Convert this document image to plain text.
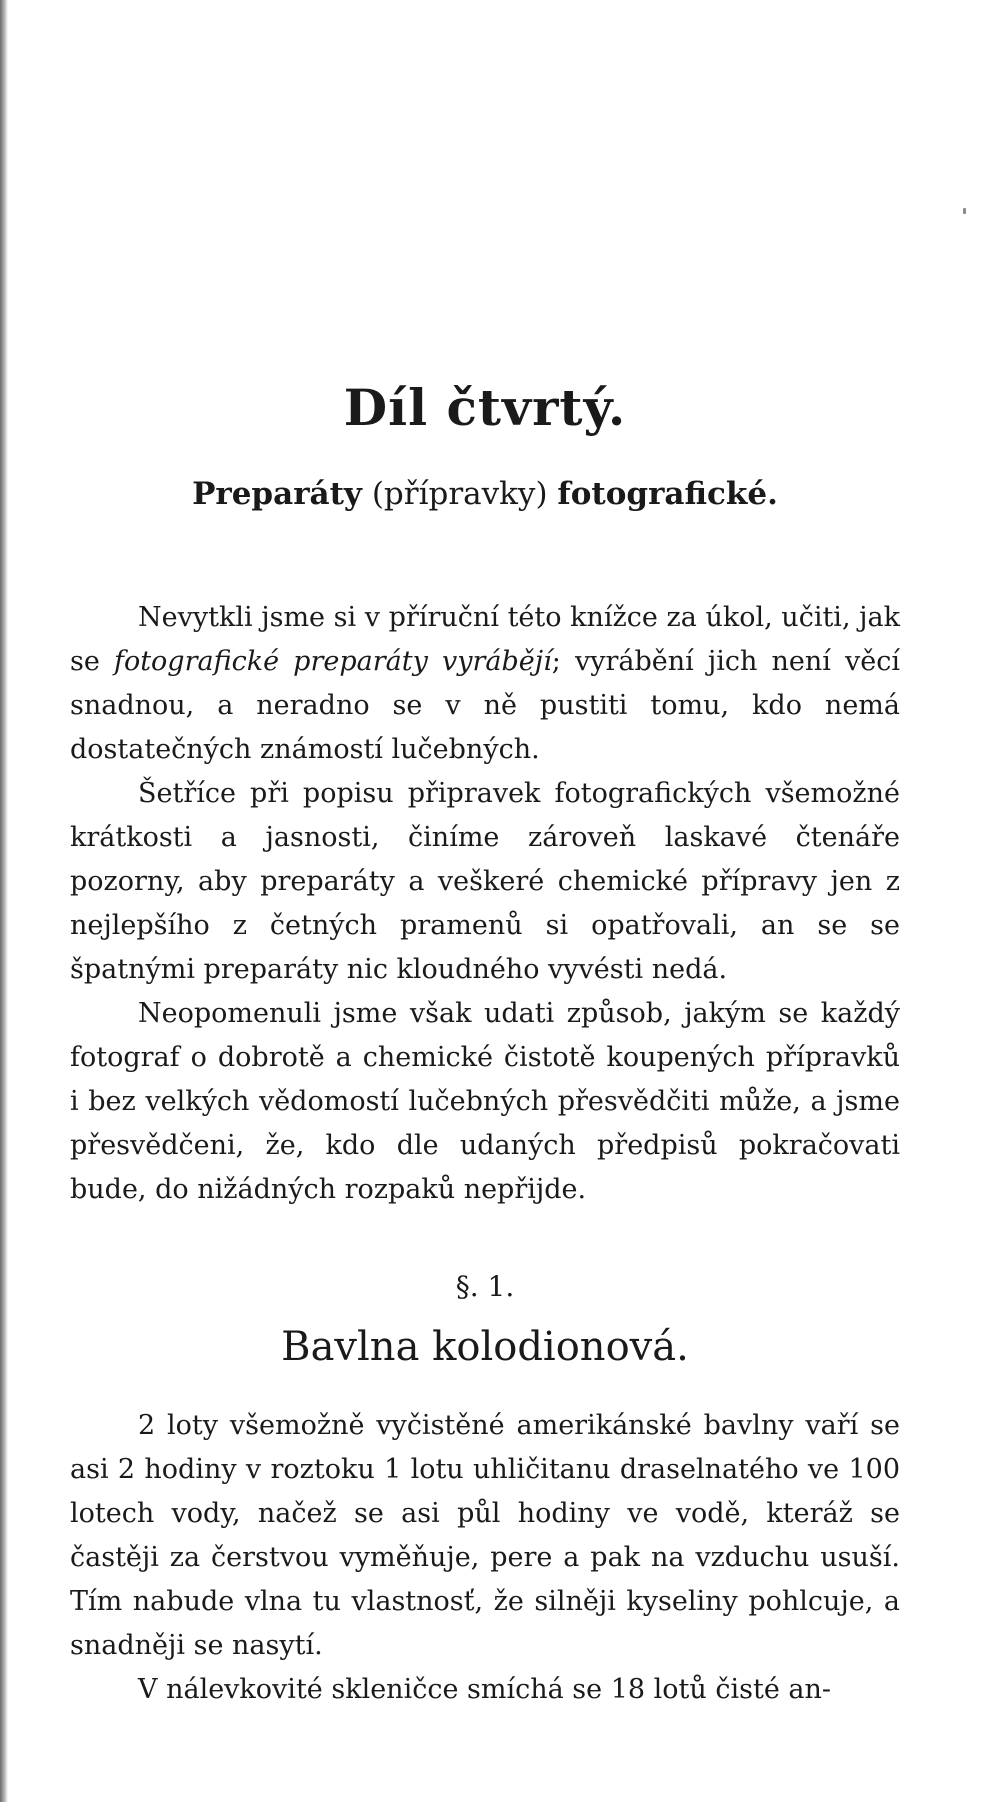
Díl čtvrtý.
Preparáty (přípravky) fotografické.

Nevytkli jsme si v příruční této knížce za úkol, učiti, jak se fotografické preparáty vyrábějí; vyrábění jich není věcí snadnou, a neradno se v ně pustiti tomu, kdo nemá dostatečných známostí lučebných.

Šetříce při popisu připravek fotografických všemožné krátkosti a jasnosti, činíme zároveň laskavé čtenáře pozorny, aby preparáty a veškeré chemické přípravy jen z nejlepšího z četných pramenů si opatřovali, an se se špatnými preparáty nic kloudného vyvésti nedá.

Neopomenuli jsme však udati způsob, jakým se každý fotograf o dobrotě a chemické čistotě koupených přípravků i bez velkých vědomostí lučebných přesvědčiti může, a jsme přesvědčeni, že, kdo dle udaných předpisů pokračovati bude, do nižádných rozpaků nepřijde.

§. 1.
Bavlna kolodionová.

2 loty všemožně vyčistěné amerikánské bavlny vaří se asi 2 hodiny v roztoku 1 lotu uhličitanu draselnatého ve 100 lotech vody, načež se asi půl hodiny ve vodě, kteráž se častěji za čerstvou vyměňuje, pere a pak na vzduchu usuší. Tím nabude vlna tu vlastnosť, že silněji kyseliny pohlcuje, a snadněji se nasytí.

V nálevkovité skleničce smíchá se 18 lotů čisté an-
